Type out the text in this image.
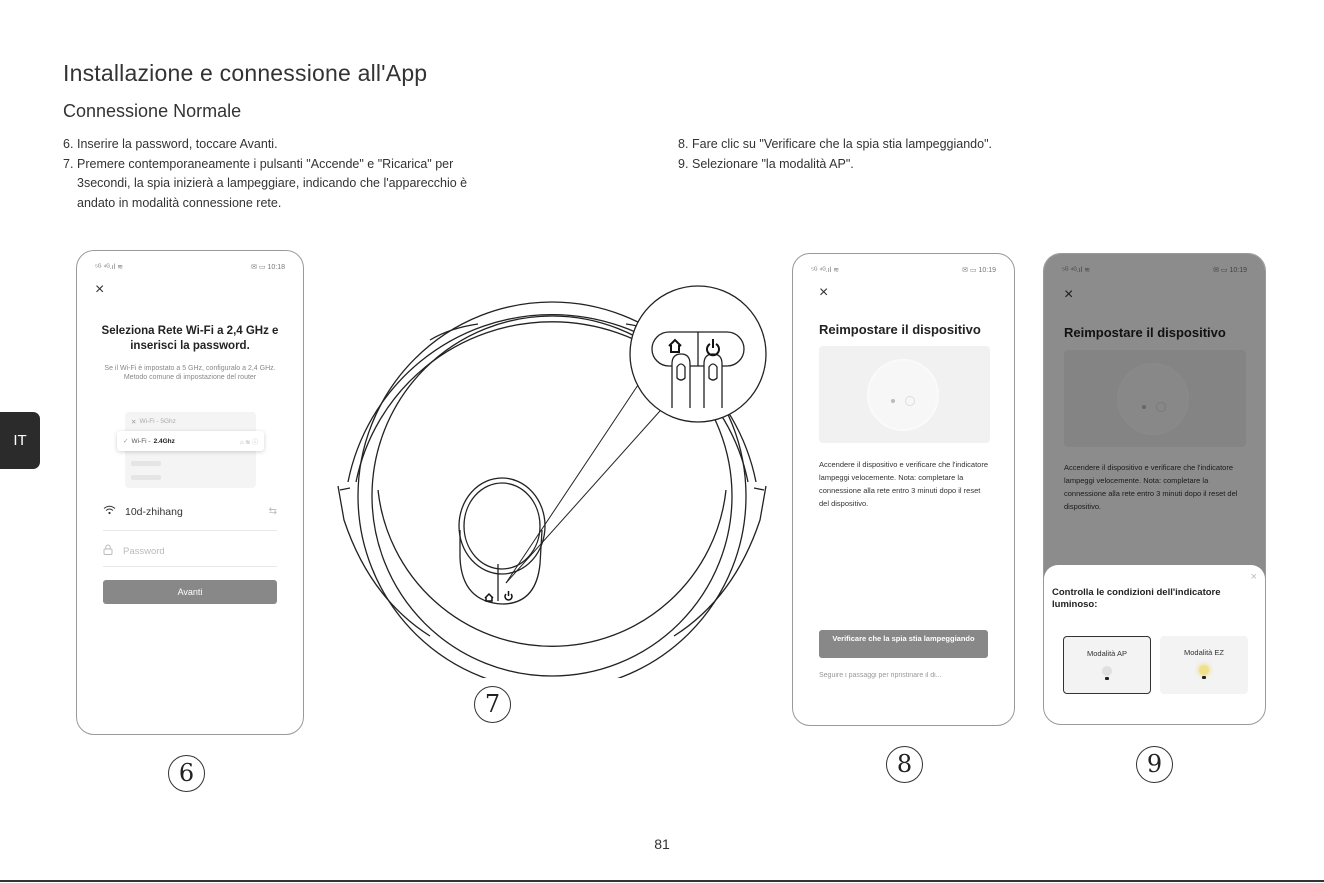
Installazione e connessione all'App
Connessione Normale
6. Inserire la password, toccare Avanti.
7. Premere contemporaneamente i pulsanti "Accende" e "Ricarica" per 3secondi, la spia inizierà a lampeggiare, indicando che l'apparecchio è andato in modalità connessione rete.
8. Fare clic su "Verificare che la spia stia lampeggiando".
9. Selezionare "la modalità AP".
IT
⁵ᴳ ⁴ᴳ.ıl ≋	✉ ▭ 10:18
×
Seleziona Rete Wi-Fi a 2,4 GHz e inserisci la password.
Se il Wi-Fi è impostato a 5 GHz, configuralo a 2,4 GHz. Metodo comune di impostazione del router
✕ Wi-Fi - 5Ghz
✓ Wi-Fi - 2.4Ghz	⌂ ≋ ⓘ
10d-zhihang	⇆
Password
Avanti
⁵ᴳ ⁴ᴳ.ıl ≋	✉ ▭ 10:19
×
Reimpostare il dispositivo
Accendere il dispositivo e verificare che l'indicatore lampeggi velocemente. Nota: completare la connessione alla rete entro 3 minuti dopo il reset del dispositivo.
Verificare che la spia stia lampeggiando
Seguire i passaggi per ripristinare il di...
⁵ᴳ ⁴ᴳ.ıl ≋	✉ ▭ 10:19
×
Reimpostare il dispositivo
Accendere il dispositivo e verificare che l'indicatore lampeggi velocemente. Nota: completare la connessione alla rete entro 3 minuti dopo il reset del dispositivo.
×
Controlla le condizioni dell'indicatore luminoso:
Modalità AP	Modalità EZ
6
7
8	9
81
